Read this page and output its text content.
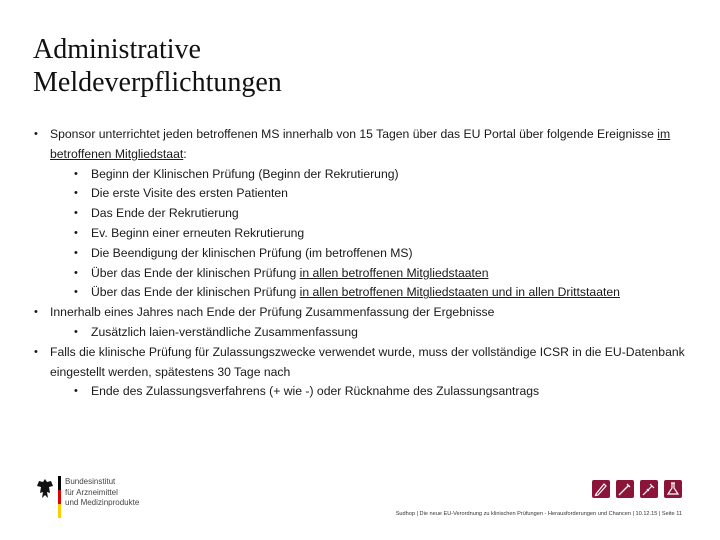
Administrative
Meldeverpflichtungen
• Sponsor unterrichtet jeden betroffenen MS innerhalb von 15 Tagen über das EU Portal über folgende Ereignisse im betroffenen Mitgliedstaat:
• Beginn der Klinischen Prüfung (Beginn der Rekrutierung)
• Die erste Visite des ersten Patienten
• Das Ende der Rekrutierung
• Ev. Beginn einer erneuten Rekrutierung
• Die Beendigung der klinischen Prüfung (im betroffenen MS)
• Über das Ende der klinischen Prüfung in allen betroffenen Mitgliedstaaten
• Über das Ende der klinischen Prüfung in allen betroffenen Mitgliedstaaten und in allen Drittstaaten
• Innerhalb eines Jahres nach Ende der Prüfung Zusammenfassung der Ergebnisse
• Zusätzlich laien-verständliche Zusammenfassung
• Falls die klinische Prüfung für Zulassungszwecke verwendet wurde, muss der vollständige ICSR in die EU-Datenbank eingestellt werden, spätestens 30 Tage nach
• Ende des Zulassungsverfahrens (+ wie -) oder Rücknahme des Zulassungsantrags
Bundesinstitut
für Arzneimittel
und Medizinprodukte
Sudhop | Die neue EU-Verordnung zu klinischen Prüfungen - Herausforderungen und Chancen | 10.12.15 | Seite 11
